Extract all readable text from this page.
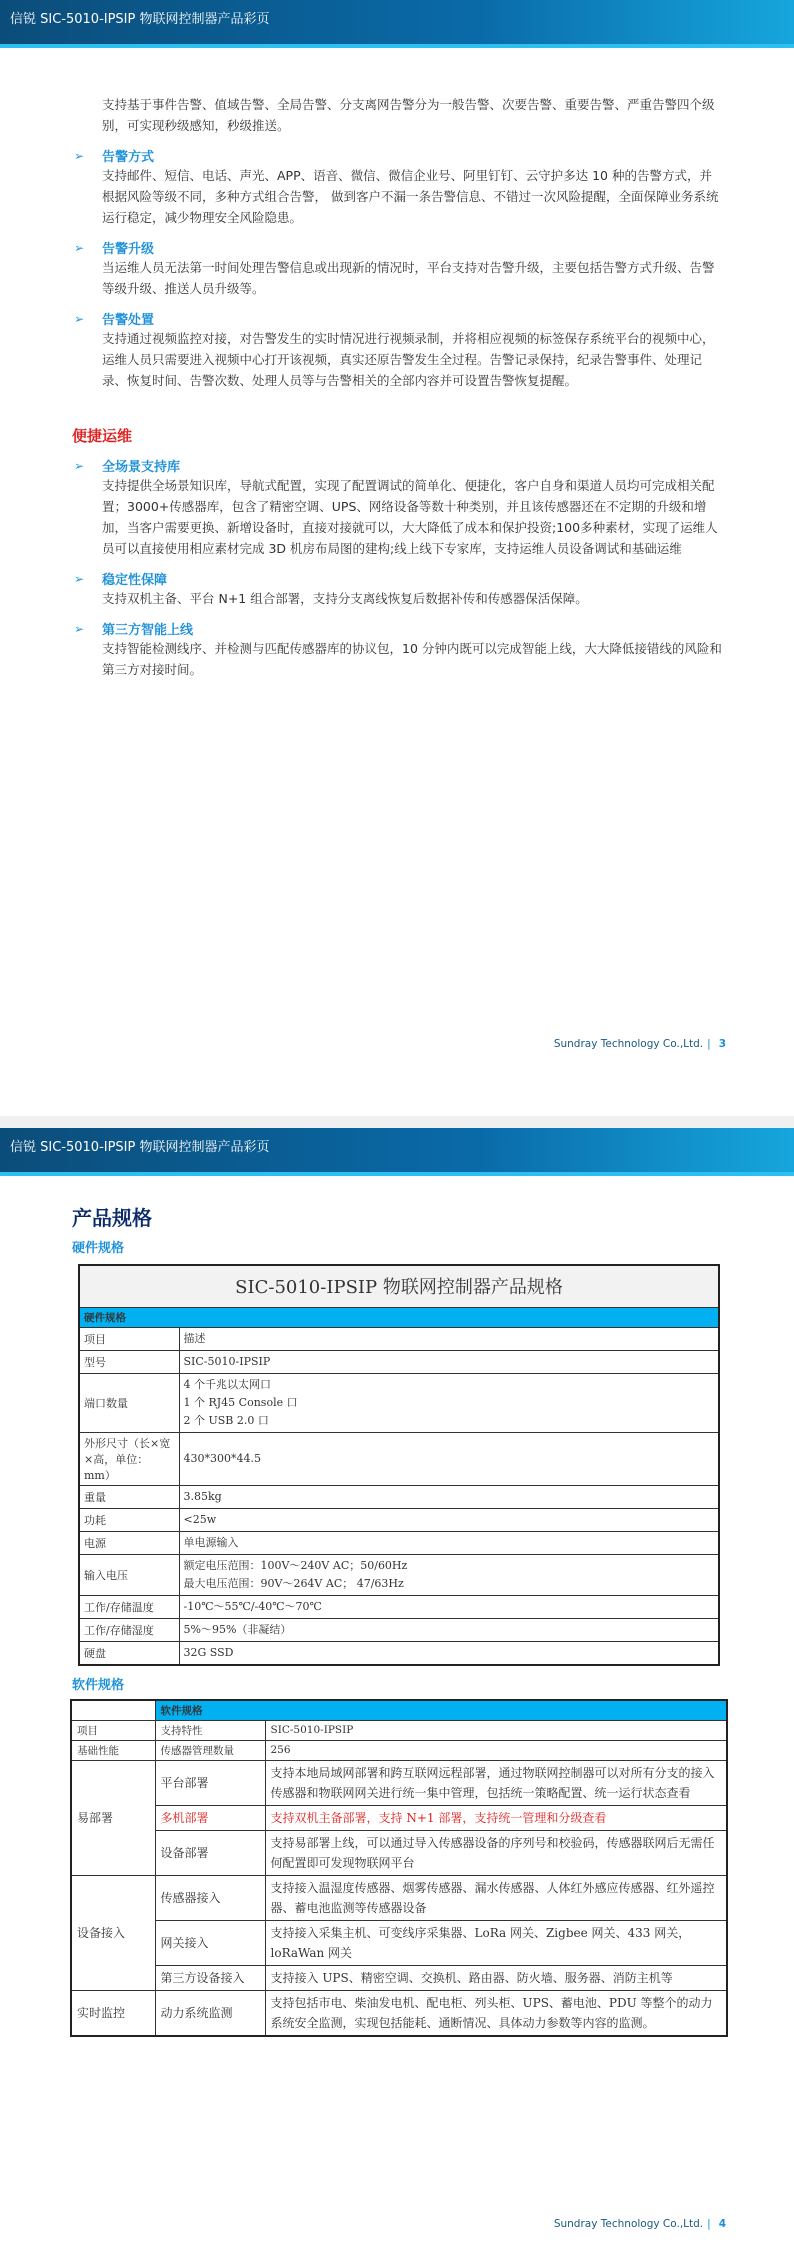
信锐 SIC-5010-IPSIP 物联网控制器产品彩页

支持基于事件告警、值域告警、全局告警、分支离网告警分为一般告警、次要告警、重要告警、严重告警四个级别，可实现秒级感知，秒级推送。

➢	告警方式

支持邮件、短信、电话、声光、APP、语音、微信、微信企业号、阿里钉钉、云守护多达 10 种的告警方式，并根据风险等级不同，多种方式组合告警， 做到客户不漏一条告警信息、不错过一次风险提醒，全面保障业务系统运行稳定，减少物理安全风险隐患。

➢	告警升级

当运维人员无法第一时间处理告警信息或出现新的情况时，平台支持对告警升级，主要包括告警方式升级、告警等级升级、推送人员升级等。

➢	告警处置

支持通过视频监控对接，对告警发生的实时情况进行视频录制，并将相应视频的标签保存系统平台的视频中心，运维人员只需要进入视频中心打开该视频，真实还原告警发生全过程。告警记录保持，纪录告警事件、处理记录、恢复时间、告警次数、处理人员等与告警相关的全部内容并可设置告警恢复提醒。

便捷运维
➢	全场景支持库

支持提供全场景知识库，导航式配置，实现了配置调试的简单化、便捷化，客户自身和渠道人员均可完成相关配置；3000+传感器库，包含了精密空调、UPS、网络设备等数十种类别，并且该传感器还在不定期的升级和增加，当客户需要更换、新增设备时，直接对接就可以，大大降低了成本和保护投资;100多种素材，实现了运维人员可以直接使用相应素材完成 3D 机房布局图的建构;线上线下专家库，支持运维人员设备调试和基础运维

➢	稳定性保障

支持双机主备、平台 N+1 组合部署，支持分支离线恢复后数据补传和传感器保活保障。

➢	第三方智能上线

支持智能检测线序、并检测与匹配传感器库的协议包，10 分钟内既可以完成智能上线，大大降低接错线的风险和第三方对接时间。

Sundray Technology Co.,Ltd. | 3
信锐 SIC-5010-IPSIP 物联网控制器产品彩页
产品规格
硬件规格
SIC-5010-IPSIP 物联网控制器产品规格	
硬件规格	
项目	描述

型号	SIC-5010-IPSIP

端口数量	4 个千兆以太网口
1 个 RJ45 Console 口
2 个 USB 2.0 口

外形尺寸（长×宽×高，单位：mm）	430*300*44.5

重量	3.85kg

功耗	<25w

电源	单电源输入

输入电压	额定电压范围：100V～240V AC；50/60Hz
最大电压范围：90V～264V AC； 47/63Hz

工作/存储温度	-10℃～55℃/-40℃～70℃

工作/存储湿度	5%～95%（非凝结）

硬盘	32G SSD
软件规格
	软件规格	
项目	支持特性	SIC-5010-IPSIP
基础性能	传感器管理数量	256
易部署	平台部署	支持本地局域网部署和跨互联网远程部署，通过物联网控制器可以对所有分支的接入传感器和物联网网关进行统一集中管理，包括统一策略配置、统一运行状态查看
	多机部署	支持双机主备部署，支持 N+1 部署，支持统一管理和分级查看
	设备部署	支持易部署上线，可以通过导入传感器设备的序列号和校验码，传感器联网后无需任何配置即可发现物联网平台
设备接入	传感器接入	支持接入温湿度传感器、烟雾传感器、漏水传感器、人体红外感应传感器、红外遥控器、蓄电池监测等传感器设备
	网关接入	支持接入采集主机、可变线序采集器、LoRa 网关、Zigbee 网关、433 网关，loRaWan 网关
	第三方设备接入	支持接入 UPS、精密空调、交换机、路由器、防火墙、服务器、消防主机等
实时监控	动力系统监测	支持包括市电、柴油发电机、配电柜、列头柜、UPS、蓄电池、PDU 等整个的动力系统安全监测，实现包括能耗、通断情况、具体动力参数等内容的监测。
Sundray Technology Co.,Ltd. | 4
